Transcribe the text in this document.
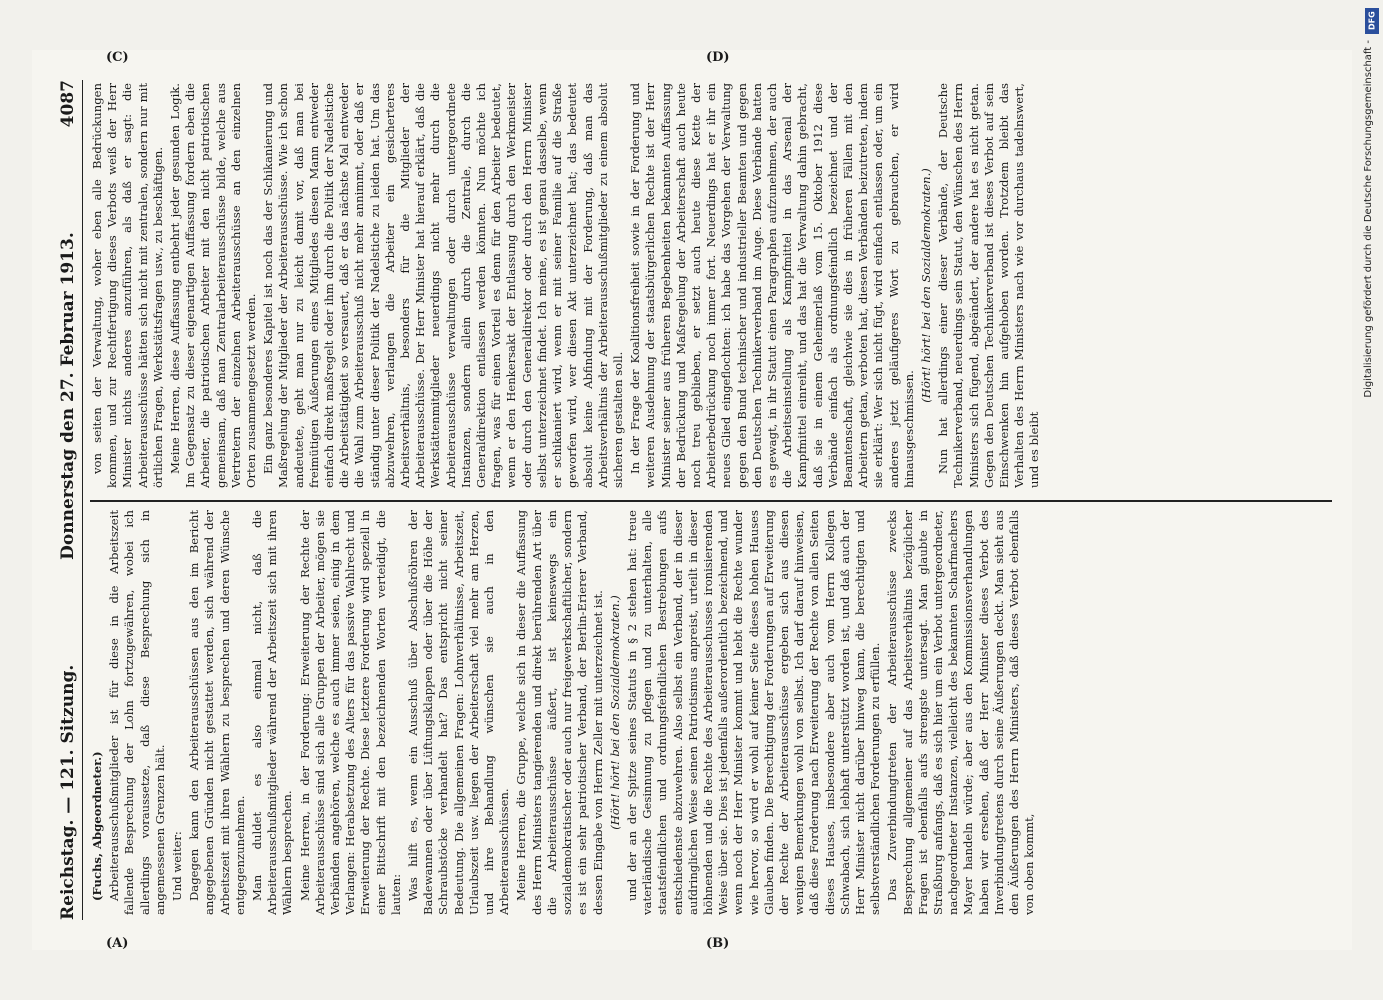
Reichstag. — 121. Sitzung.
Donnerstag den 27. Februar 1913.
4087

(Fuchs, Abgeordneter.) Arbeiterausschußmitglieder ist für diese in die Arbeitszeit fallende Besprechung der Lohn fortzugewähren, wobei ich allerdings voraussetze, daß diese Besprechung sich in angemessenen Grenzen hält. Und weiter: Dagegen kann den Arbeiterausschüssen aus den im Bericht angegebenen Gründen nicht gestattet werden, sich während der Arbeitszeit mit ihren Wählern zu besprechen und deren Wünsche entgegenzunehmen. Man duldet es also einmal nicht, daß die Arbeiterausschußmitglieder während der Arbeitszeit sich mit ihren Wählern besprechen. Meine Herren, in der Forderung: Erweiterung der Rechte der Arbeiterausschüsse sind sich alle Gruppen der Arbeiter, mögen sie Verbänden angehören, welche es auch immer seien, einig in dem Verlangen: Herabsetzung des Alters für das passive Wahlrecht und Erweiterung der Rechte. Diese letztere Forderung wird speziell in einer Bittschrift mit den bezeichnenden Worten verteidigt, die lauten: Was hilft es, wenn ein Ausschuß über Abschußröhren der Badewannen oder über Lüftungsklappen oder über die Höhe der Schraubstöcke verhandelt hat? Das entspricht nicht seiner Bedeutung. Die allgemeinen Fragen: Lohnverhältnisse, Arbeitszeit, Urlaubszeit usw. liegen der Arbeiterschaft viel mehr am Herzen, und ihre Behandlung wünschen sie auch in den Arbeiterausschüssen. Meine Herren, die Gruppe, welche sich in dieser die Auffassung des Herrn Ministers tangierenden und direkt berührenden Art über die Arbeiterausschüsse äußert, ist keineswegs ein sozialdemokratischer oder auch nur freigewerkschaftlicher, sondern es ist ein sehr patriotischer Verband, der Berlin-Erierer Verband, dessen Eingabe von Herrn Zeller mit unterzeichnet ist. (Hört! hört! bei den Sozialdemokraten.) und der an der Spitze seines Statuts in § 2 stehen hat: treue vaterländische Gesinnung zu pflegen und zu unterhalten, alle staatsfeindlichen und ordnungsfeindlichen Bestrebungen aufs entschiedenste abzuwehren. Also selbst ein Verband, der in dieser aufdringlichen Weise seinen Patriotismus anpreist, urteilt in dieser höhnenden und die Rechte des Arbeiterausschusses ironisierenden Weise über sie. Dies ist jedenfalls außerordentlich bezeichnend, und wenn noch der Herr Minister kommt und hebt die Rechte wunder wie hervor, so wird er wohl auf keiner Seite dieses hohen Hauses Glauben finden. Die Berechtigung der Forderungen auf Erweiterung der Rechte der Arbeiterausschüsse ergeben sich aus diesen wenigen Bemerkungen wohl von selbst. Ich darf darauf hinweisen, daß diese Forderung nach Erweiterung der Rechte von allen Seiten dieses Hauses, insbesondere aber auch vom Herrn Kollegen Schwabach, sich lebhaft unterstützt worden ist, und daß auch der Herr Minister nicht darüber hinweg kann, die berechtigten und selbstverständlichen Forderungen zu erfüllen. Das Zuverbindungtreten der Arbeiterausschüsse zwecks Besprechung allgemeiner auf das Arbeitsverhältnis bezüglicher Fragen ist ebenfalls aufs strengste untersagt. Man glaubte in Straßburg anfangs, daß es sich hier um ein Verbot untergeordneter, nachgeordneter Instanzen, vielleicht des bekannten Scharfmachers Mayer handeln würde; aber aus den Kommissionsverhandlungen haben wir ersehen, daß der Herr Minister dieses Verbot des Inverbindungtretens durch seine Äußerungen deckt. Man sieht aus den Äußerungen des Herrn Ministers, daß dieses Verbot ebenfalls von oben kommt,

von seiten der Verwaltung, woher eben alle Bedrückungen kommen, und zur Rechtfertigung dieses Verbots weiß der Herr Minister nichts anderes anzuführen, als daß er sagt: die Arbeiterausschüsse hätten sich nicht mit zentralen, sondern nur mit örtlichen Fragen, Werkstättsfragen usw., zu beschäftigen. Meine Herren, diese Auffassung entbehrt jeder gesunden Logik. Im Gegensatz zu dieser eigenartigen Auffassung fordern eben die Arbeiter, die patriotischen Arbeiter mit den nicht patriotischen gemeinsam, daß man Zentralarbeiterausschüsse bilde, welche aus Vertretern der einzelnen Arbeiterausschüsse an den einzelnen Orten zusammengesetzt werden. Ein ganz besonderes Kapitel ist noch das der Schikanierung und Maßregelung der Mitglieder der Arbeiterausschüsse. Wie ich schon andeutete, geht man nur zu leicht damit vor, daß man bei freimütigen Äußerungen eines Mitgliedes diesen Mann entweder einfach direkt maßregelt oder ihm durch die Politik der Nadelstiche die Arbeitstätigkeit so versauert, daß er das nächste Mal entweder die Wahl zum Arbeiterausschuß nicht mehr annimmt, oder daß er ständig unter dieser Politik der Nadelstiche zu leiden hat. Um das abzuwehren, verlangen die Arbeiter ein gesicherteres Arbeitsverhältnis, besonders für die Mitglieder der Arbeiterausschüsse. Der Herr Minister hat hierauf erklärt, daß die Werkstättenmitglieder neuerdings nicht mehr durch die Arbeiterausschüsse verwaltungen oder durch untergeordnete Instanzen, sondern allein durch die Zentrale, durch die Generaldirektion entlassen werden könnten. Nun möchte ich fragen, was für einen Vorteil es denn für den Arbeiter bedeutet, wenn er den Henkersakt der Entlassung durch den Werkmeister oder durch den Generaldirektor oder durch den Herrn Minister selbst unterzeichnet findet. Ich meine, es ist genau dasselbe, wenn er schikaniert wird, wenn er mit seiner Familie auf die Straße geworfen wird, wer diesen Akt unterzeichnet hat; das bedeutet absolut keine Abfindung mit der Forderung, daß man das Arbeitsverhältnis der Arbeiterausschußmitglieder zu einem absolut sicheren gestalten soll. In der Frage der Koalitionsfreiheit sowie in der Forderung und weiteren Ausdehnung der staatsbürgerlichen Rechte ist der Herr Minister seiner aus früheren Begebenheiten bekannten Auffassung der Bedrückung und Maßregelung der Arbeiterschaft auch heute noch treu geblieben, er setzt auch heute diese Kette der Arbeiterbedrückung noch immer fort. Neuerdings hat er ihr ein neues Glied eingeflochten: ich habe das Vorgehen der Verwaltung gegen den Bund technischer und industrieller Beamten und gegen den Deutschen Technikerverband im Auge. Diese Verbände hatten es gewagt, in ihr Statut einen Paragraphen aufzunehmen, der auch die Arbeitseinstellung als Kampfmittel in das Arsenal der Kampfmittel einreiht, und das hat die Verwaltung dahin gebracht, daß sie in einem Geheimerlaß vom 15. Oktober 1912 diese Verbände einfach als ordnungsfeindlich bezeichnet und der Beamtenschaft, gleichwie sie dies in früheren Fällen mit den Arbeitern getan, verboten hat, diesen Verbänden beizutreten, indem sie erklärt: Wer sich nicht fügt, wird einfach entlassen oder, um ein anderes jetzt geläufigeres Wort zu gebrauchen, er wird hinausgeschmissen.

(Hört! hört! bei den Sozialdemokraten.) Nun hat allerdings einer dieser Verbände, der Deutsche Technikerverband, neuerdings sein Statut, den Wünschen des Herrn Ministers sich fügend, abgeändert, der andere hat es nicht getan. Gegen den Deutschen Technikerverband ist dieses Verbot auf sein Einschwenken hin aufgehoben worden. Trotzdem bleibt das Verhalten des Herrn Ministers nach wie vor durchaus tadelnswert, und es bleibt

(A)	(B)
(C)	(D)
DFG
Digitalisierung gefördert durch die Deutsche Forschungsgemeinschaft -
